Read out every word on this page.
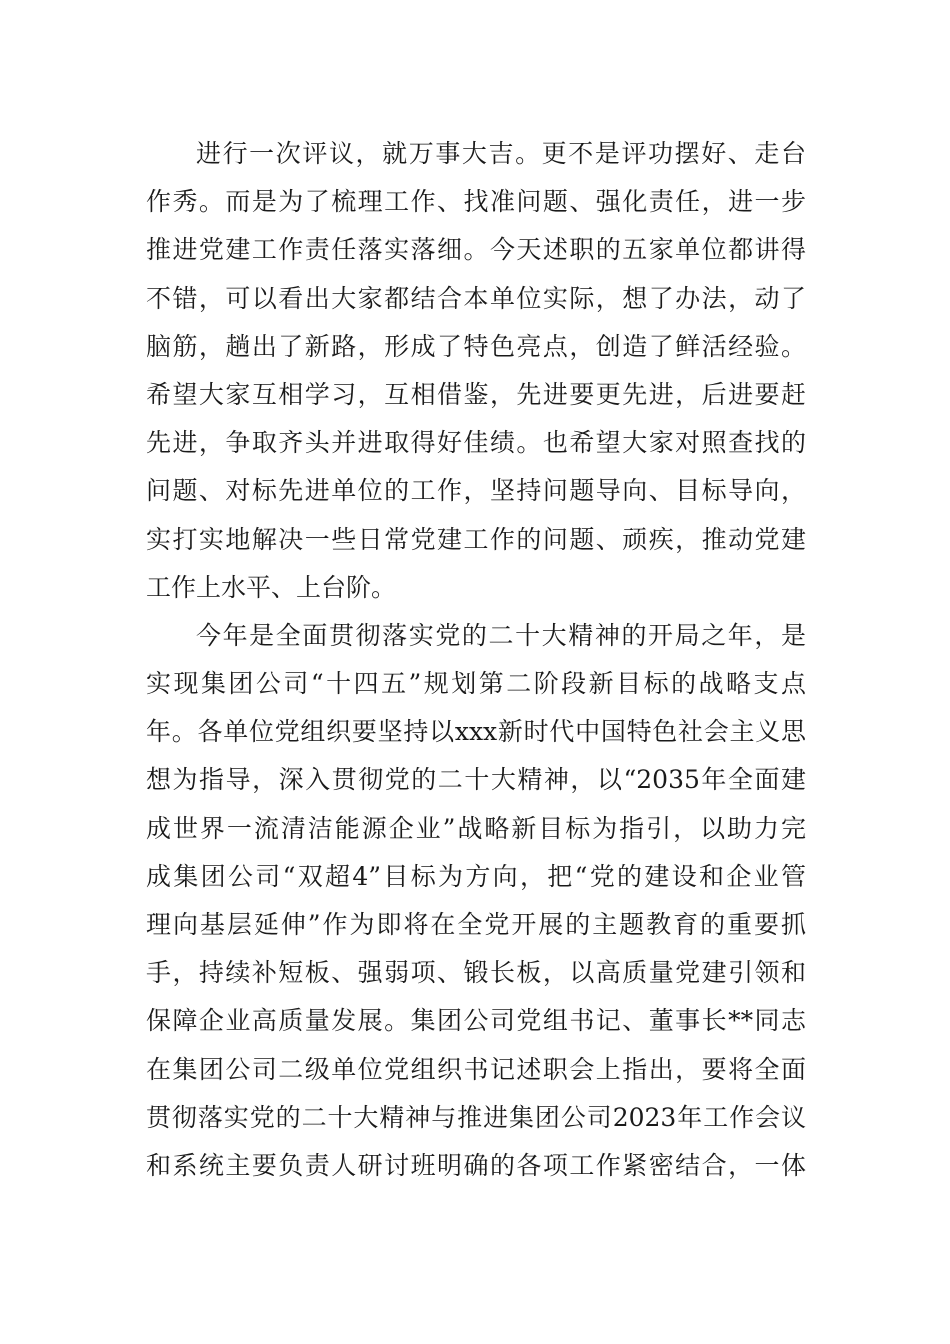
进行一次评议，就万事大吉。更不是评功摆好、走台
作秀。而是为了梳理工作、找准问题、强化责任，进一步
推进党建工作责任落实落细。今天述职的五家单位都讲得
不错，可以看出大家都结合本单位实际，想了办法，动了
脑筋，趟出了新路，形成了特色亮点，创造了鲜活经验。
希望大家互相学习，互相借鉴，先进要更先进，后进要赶
先进，争取齐头并进取得好佳绩。也希望大家对照查找的
问题、对标先进单位的工作，坚持问题导向、目标导向，
实打实地解决一些日常党建工作的问题、顽疾，推动党建
工作上水平、上台阶。
今年是全面贯彻落实党的二十大精神的开局之年，是
实现集团公司“十四五”规划第二阶段新目标的战略支点
年。各单位党组织要坚持以xxx新时代中国特色社会主义思
想为指导，深入贯彻党的二十大精神，以“2035年全面建
成世界一流清洁能源企业”战略新目标为指引，以助力完
成集团公司“双超4”目标为方向，把“党的建设和企业管
理向基层延伸”作为即将在全党开展的主题教育的重要抓
手，持续补短板、强弱项、锻长板，以高质量党建引领和
保障企业高质量发展。集团公司党组书记、董事长**同志
在集团公司二级单位党组织书记述职会上指出，要将全面
贯彻落实党的二十大精神与推进集团公司2023年工作会议
和系统主要负责人研讨班明确的各项工作紧密结合，一体
